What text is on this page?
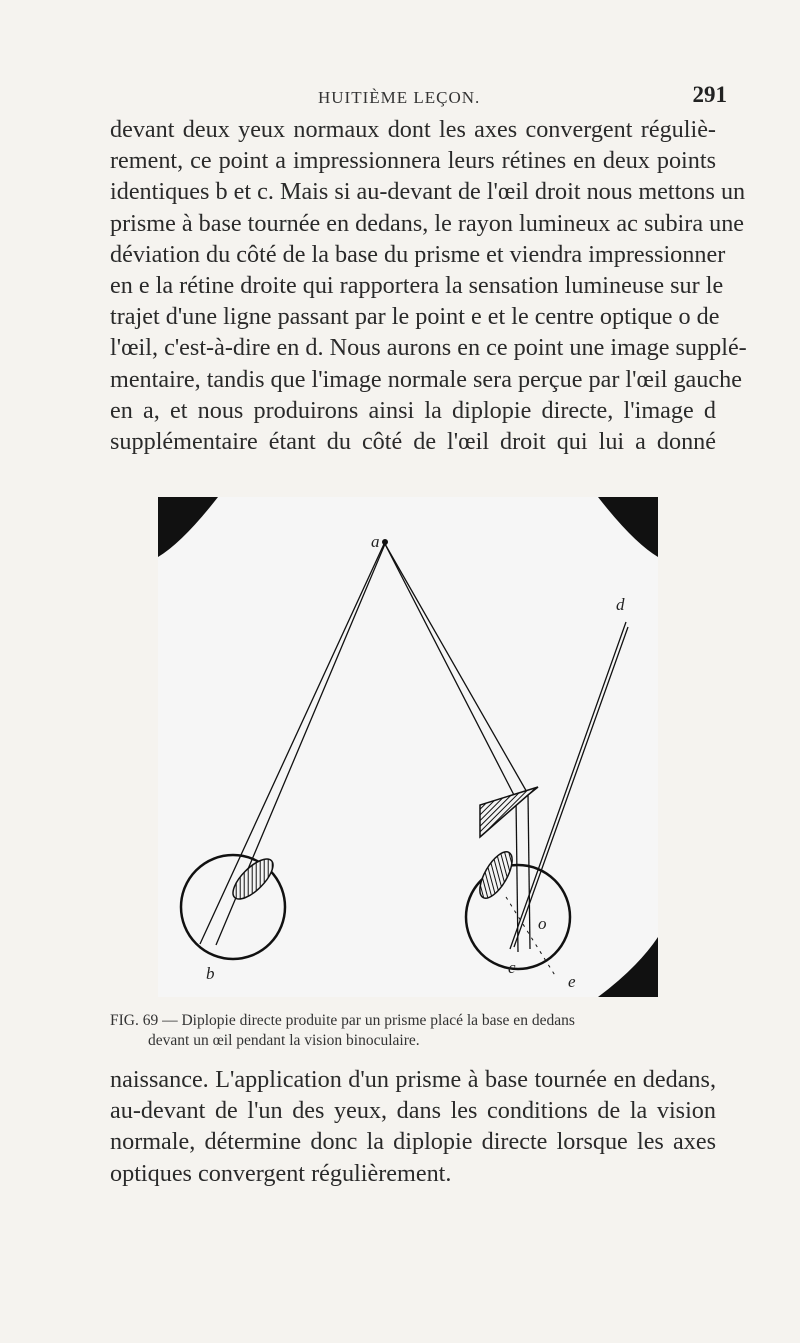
HUITIÈME LEÇON.	291
devant deux yeux normaux dont les axes convergent réguliè-
rement, ce point a impressionnera leurs rétines en deux points
identiques b et c. Mais si au-devant de l'œil droit nous mettons un
prisme à base tournée en dedans, le rayon lumineux ac subira une
déviation du côté de la base du prisme et viendra impressionner
en e la rétine droite qui rapportera la sensation lumineuse sur le
trajet d'une ligne passant par le point e et le centre optique o de
l'œil, c'est-à-dire en d. Nous aurons en ce point une image supplé-
mentaire, tandis que l'image normale sera perçue par l'œil gauche
en a, et nous produirons ainsi la diplopie directe, l'image d
supplémentaire étant du côté de l'œil droit qui lui a donné
a
d
b	c
e
o
FIG. 69 — Diplopie directe produite par un prisme placé la base en dedans
devant un œil pendant la vision binoculaire.
naissance. L'application d'un prisme à base tournée en dedans,
au-devant de l'un des yeux, dans les conditions de la vision
normale, détermine donc la diplopie directe lorsque les axes
optiques convergent régulièrement.
